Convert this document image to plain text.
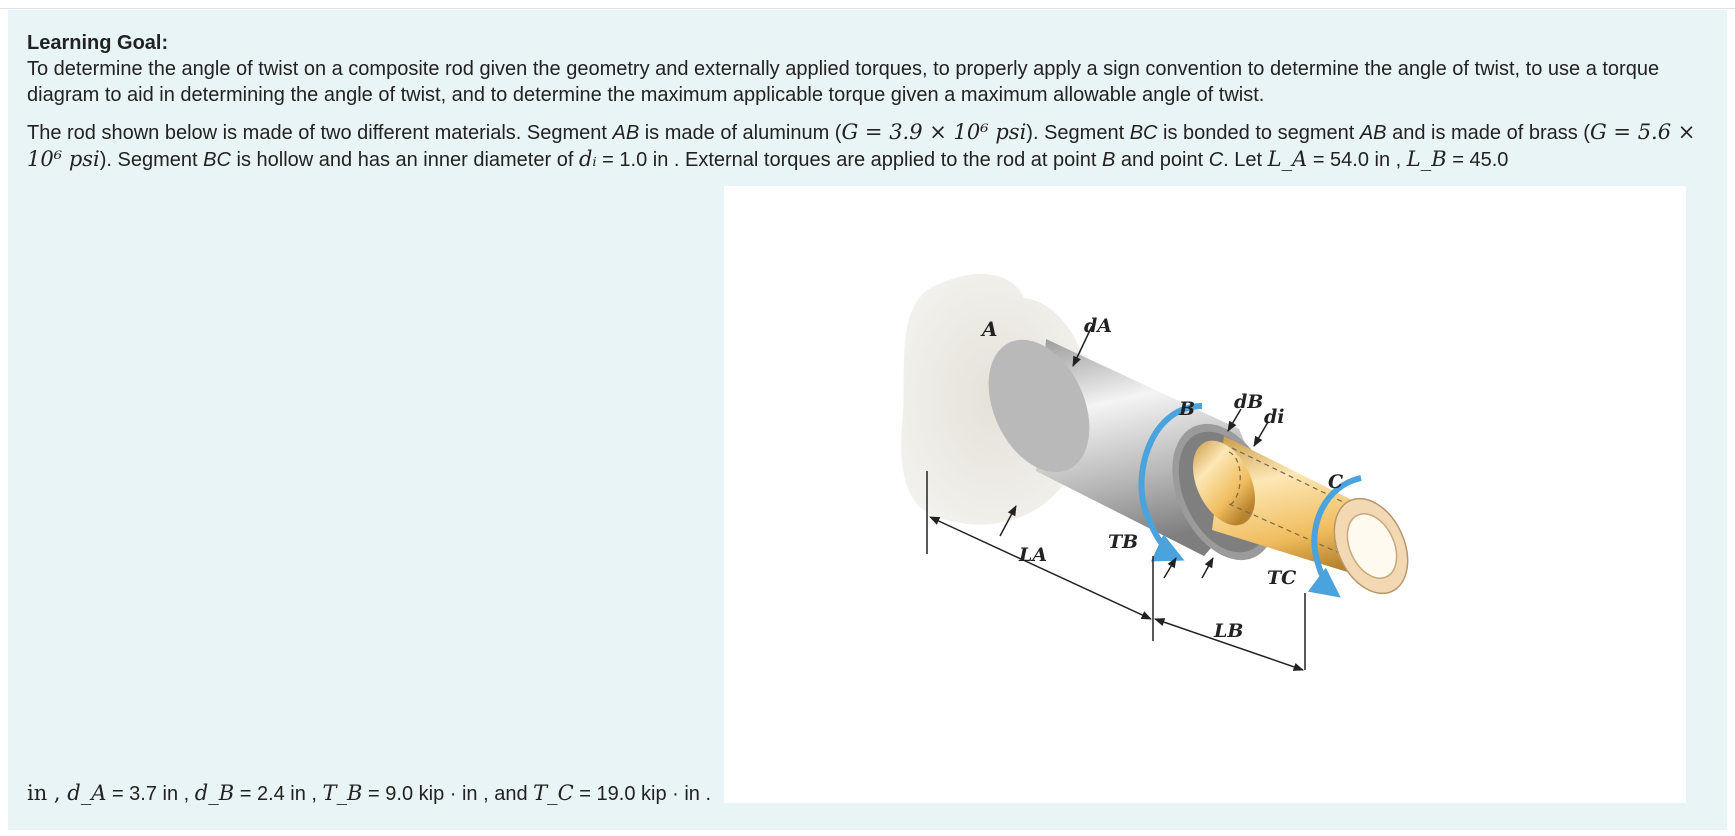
Learning Goal:
To determine the angle of twist on a composite rod given the geometry and externally applied torques, to properly apply a sign convention to determine the angle of twist, to use a torque diagram to aid in determining the angle of twist, and to determine the maximum applicable torque given a maximum allowable angle of twist.
The rod shown below is made of two different materials. Segment AB is made of aluminum (G = 3.9 × 10⁶ psi). Segment BC is bonded to segment AB and is made of brass (G = 5.6 × 10⁶ psi). Segment BC is hollow and has an inner diameter of dᵢ = 1.0 in . External torques are applied to the rod at point B and point C. Let L_A = 54.0 in , L_B = 45.0
A	dA
B dB
di
C
TB
TC
LA
LB
in , d_A = 3.7 in , d_B = 2.4 in , T_B = 9.0 kip · in , and T_C = 19.0 kip · in .
